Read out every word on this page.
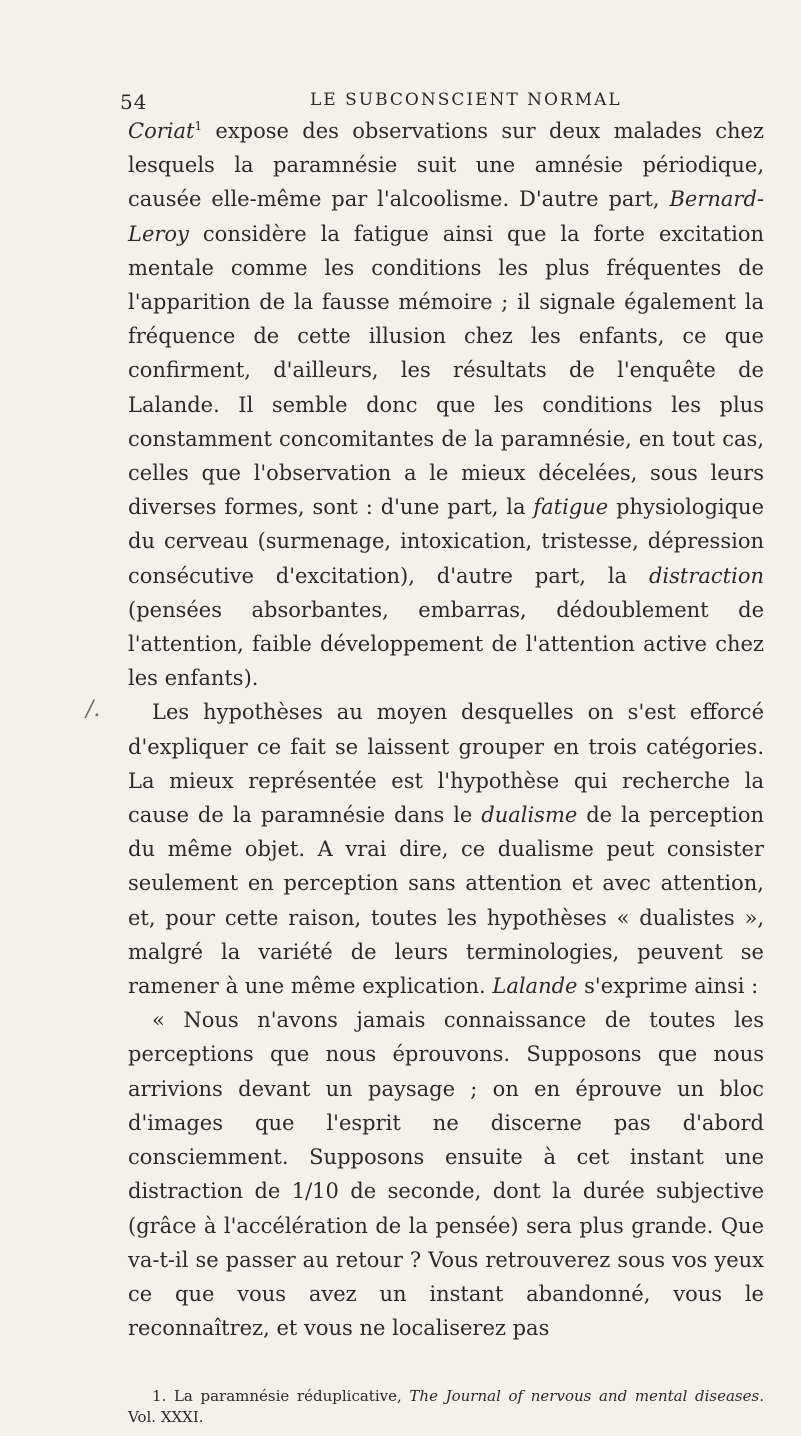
54	LE SUBCONSCIENT NORMAL
/.

Coriat$^1$ expose des observations sur deux malades chez lesquels la paramnésie suit une amnésie périodique, causée elle-même par l'alcoolisme. D'autre part, Bernard-Leroy considère la fatigue ainsi que la forte excitation mentale comme les conditions les plus fréquentes de l'apparition de la fausse mémoire ; il signale également la fréquence de cette illusion chez les enfants, ce que confirment, d'ailleurs, les résultats de l'enquête de Lalande. Il semble donc que les conditions les plus constamment concomitantes de la paramnésie, en tout cas, celles que l'observation a le mieux décelées, sous leurs diverses formes, sont : d'une part, la fatigue physiologique du cerveau (surmenage, intoxication, tristesse, dépression consécutive d'excitation), d'autre part, la distraction (pensées absorbantes, embarras, dédoublement de l'attention, faible développement de l'attention active chez les enfants).

Les hypothèses au moyen desquelles on s'est efforcé d'expliquer ce fait se laissent grouper en trois catégories. La mieux représentée est l'hypothèse qui recherche la cause de la paramnésie dans le dualisme de la perception du même objet. A vrai dire, ce dualisme peut consister seulement en perception sans attention et avec attention, et, pour cette raison, toutes les hypothèses « dualistes », malgré la variété de leurs terminologies, peuvent se ramener à une même explication. Lalande s'exprime ainsi :

« Nous n'avons jamais connaissance de toutes les perceptions que nous éprouvons. Supposons que nous arrivions devant un paysage ; on en éprouve un bloc d'images que l'esprit ne discerne pas d'abord consciemment. Supposons ensuite à cet instant une distraction de 1/10 de seconde, dont la durée subjective (grâce à l'accélération de la pensée) sera plus grande. Que va-t-il se passer au retour ? Vous retrouverez sous vos yeux ce que vous avez un instant abandonné, vous le reconnaîtrez, et vous ne localiserez pas

1. La paramnésie réduplicative, The Journal of nervous and mental diseases. Vol. XXXI.
